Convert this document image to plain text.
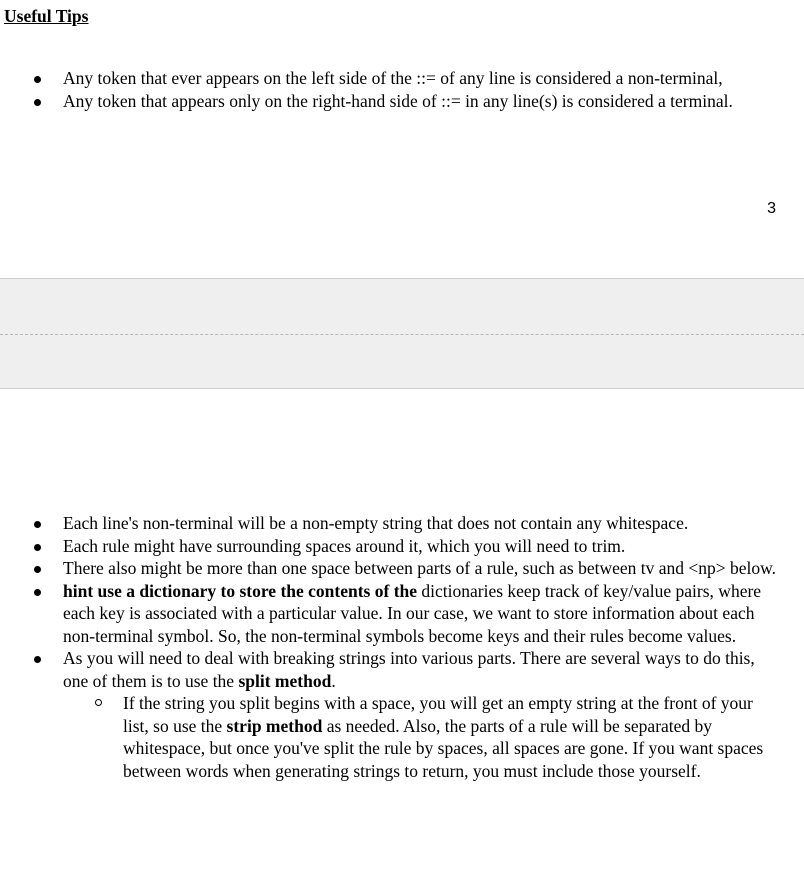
Useful Tips

Any token that ever appears on the left side of the ::= of any line is considered a non-terminal,
Any token that appears only on the right-hand side of ::= in any line(s) is considered a terminal.
3
Each line's non-terminal will be a non-empty string that does not contain any whitespace.
Each rule might have surrounding spaces around it, which you will need to trim.
There also might be more than one space between parts of a rule, such as between tv and <np> below.
hint use a dictionary to store the contents of the dictionaries keep track of key/value pairs, where each key is associated with a particular value. In our case, we want to store information about each non-terminal symbol. So, the non-terminal symbols become keys and their rules become values.
As you will need to deal with breaking strings into various parts. There are several ways to do this, one of them is to use the split method.
If the string you split begins with a space, you will get an empty string at the front of your list, so use the strip method as needed. Also, the parts of a rule will be separated by whitespace, but once you've split the rule by spaces, all spaces are gone. If you want spaces between words when generating strings to return, you must include those yourself.
